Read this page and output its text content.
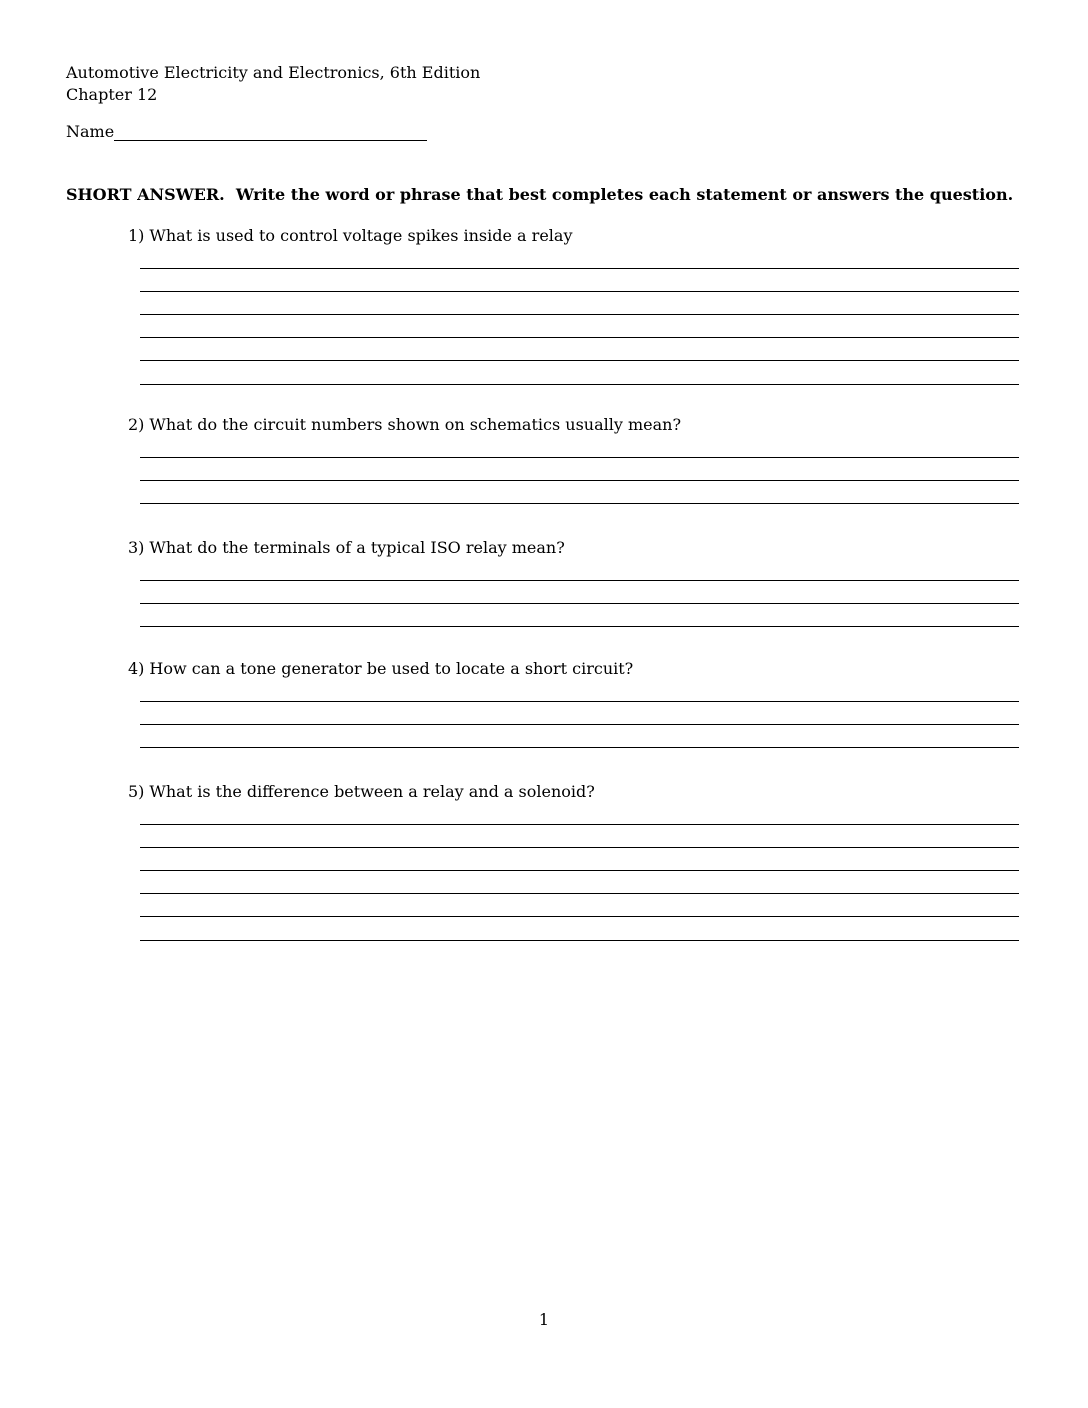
Automotive Electricity and Electronics, 6th Edition
Chapter 12
Name
SHORT ANSWER.  Write the word or phrase that best completes each statement or answers the question.
1) What is used to control voltage spikes inside a relay
2) What do the circuit numbers shown on schematics usually mean?
3) What do the terminals of a typical ISO relay mean?
4) How can a tone generator be used to locate a short circuit?
5) What is the difference between a relay and a solenoid?
1
